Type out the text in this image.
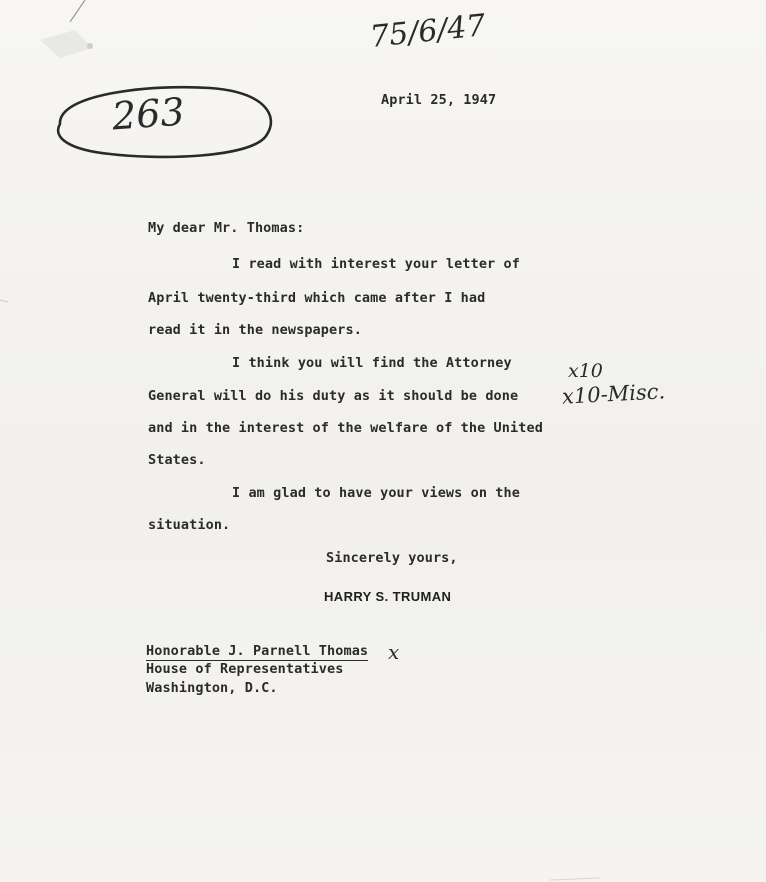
75/6/47
263	April 25, 1947
My dear Mr. Thomas:
I read with interest your letter of
April twenty-third which came after I had
read it in the newspapers.
I think you will find the Attorney
General will do his duty as it should be done
and in the interest of the welfare of the United
States.
I am glad to have your views on the
situation.
x10
x10-Misc.
Sincerely yours,
HARRY S. TRUMAN
Honorable J. Parnell Thomas x
House of Representatives
Washington, D.C.
